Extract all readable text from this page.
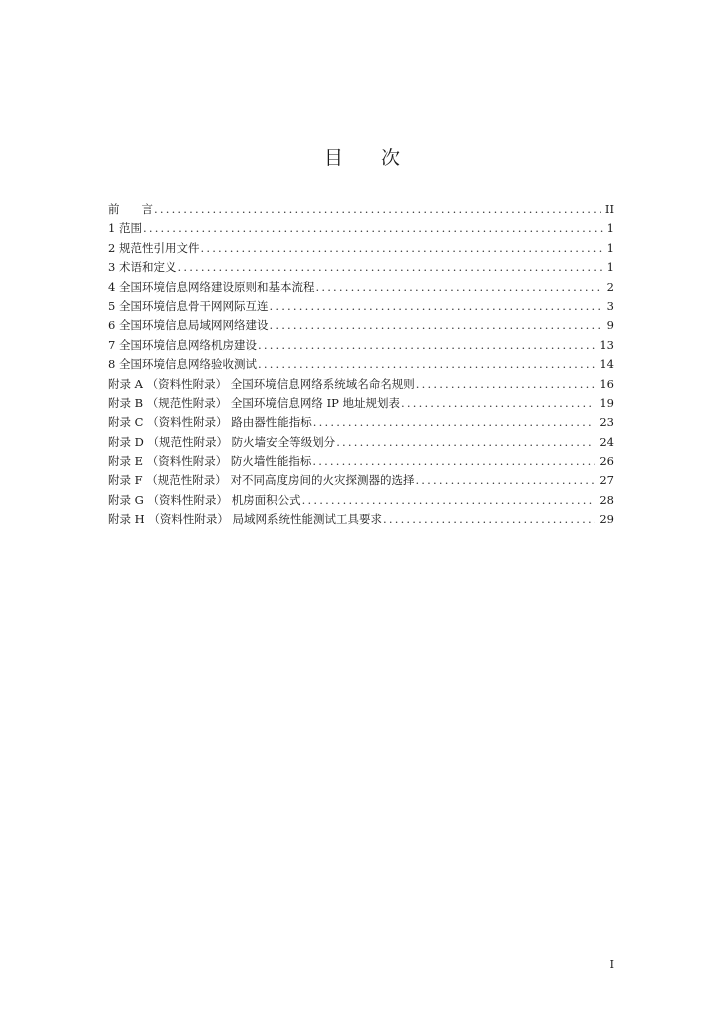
目 次
前 言 .....	II
1 范围 .....	1
2 规范性引用文件 .....	1
3 术语和定义 .....	1
4 全国环境信息网络建设原则和基本流程 .....	2
5 全国环境信息骨干网网际互连 .....	3
6 全国环境信息局域网网络建设 .....	9
7 全国环境信息网络机房建设 .....	13
8 全国环境信息网络验收测试 .....	14
附录 A （资料性附录） 全国环境信息网络系统域名命名规则 .....	16
附录 B （规范性附录） 全国环境信息网络 IP 地址规划表 .....	19
附录 C （资料性附录） 路由器性能指标 .....	23
附录 D （规范性附录） 防火墙安全等级划分 .....	24
附录 E （资料性附录） 防火墙性能指标 .....	26
附录 F （规范性附录） 对不同高度房间的火灾探测器的选择 .....	27
附录 G （资料性附录） 机房面积公式 .....	28
附录 H （资料性附录） 局域网系统性能测试工具要求 .....	29
I
